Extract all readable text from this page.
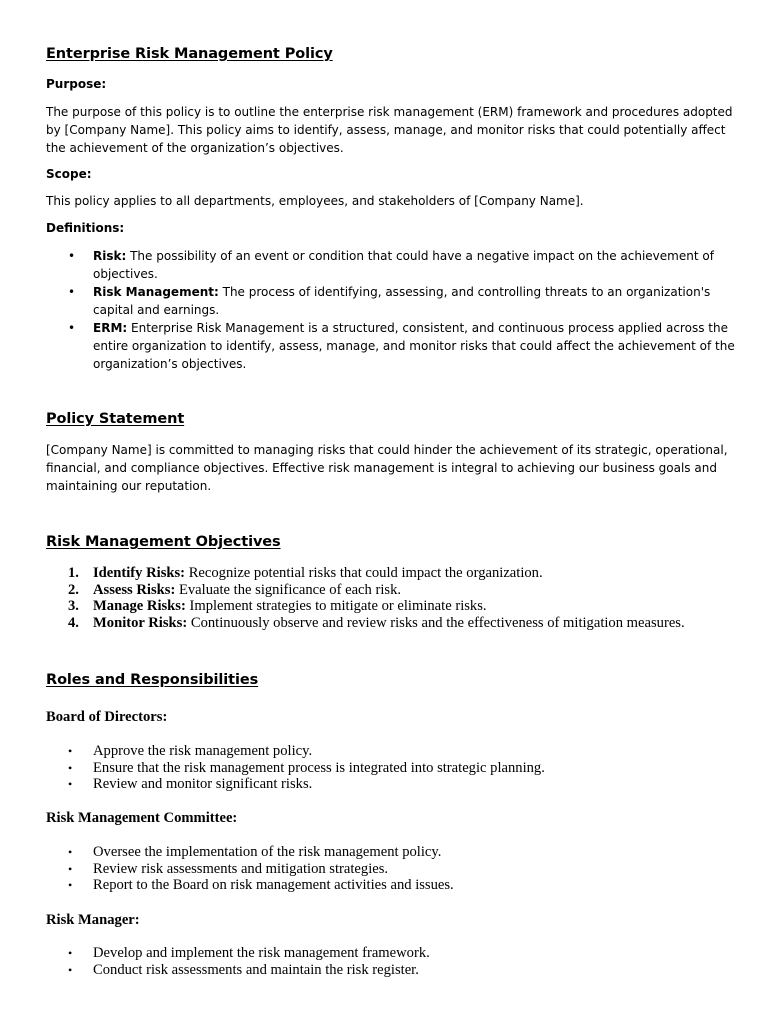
Enterprise Risk Management Policy
Purpose:
The purpose of this policy is to outline the enterprise risk management (ERM) framework and procedures adopted by [Company Name]. This policy aims to identify, assess, manage, and monitor risks that could potentially affect the achievement of the organization’s objectives.
Scope:
This policy applies to all departments, employees, and stakeholders of [Company Name].
Definitions:
• Risk: The possibility of an event or condition that could have a negative impact on the achievement of objectives.
• Risk Management: The process of identifying, assessing, and controlling threats to an organization's capital and earnings.
• ERM: Enterprise Risk Management is a structured, consistent, and continuous process applied across the entire organization to identify, assess, manage, and monitor risks that could affect the achievement of the organization’s objectives.
Policy Statement
[Company Name] is committed to managing risks that could hinder the achievement of its strategic, operational, financial, and compliance objectives. Effective risk management is integral to achieving our business goals and maintaining our reputation.
Risk Management Objectives
1. Identify Risks: Recognize potential risks that could impact the organization.
2. Assess Risks: Evaluate the significance of each risk.
3. Manage Risks: Implement strategies to mitigate or eliminate risks.
4. Monitor Risks: Continuously observe and review risks and the effectiveness of mitigation measures.
Roles and Responsibilities
Board of Directors:
• Approve the risk management policy.
• Ensure that the risk management process is integrated into strategic planning.
• Review and monitor significant risks.
Risk Management Committee:
• Oversee the implementation of the risk management policy.
• Review risk assessments and mitigation strategies.
• Report to the Board on risk management activities and issues.
Risk Manager:
• Develop and implement the risk management framework.
• Conduct risk assessments and maintain the risk register.
